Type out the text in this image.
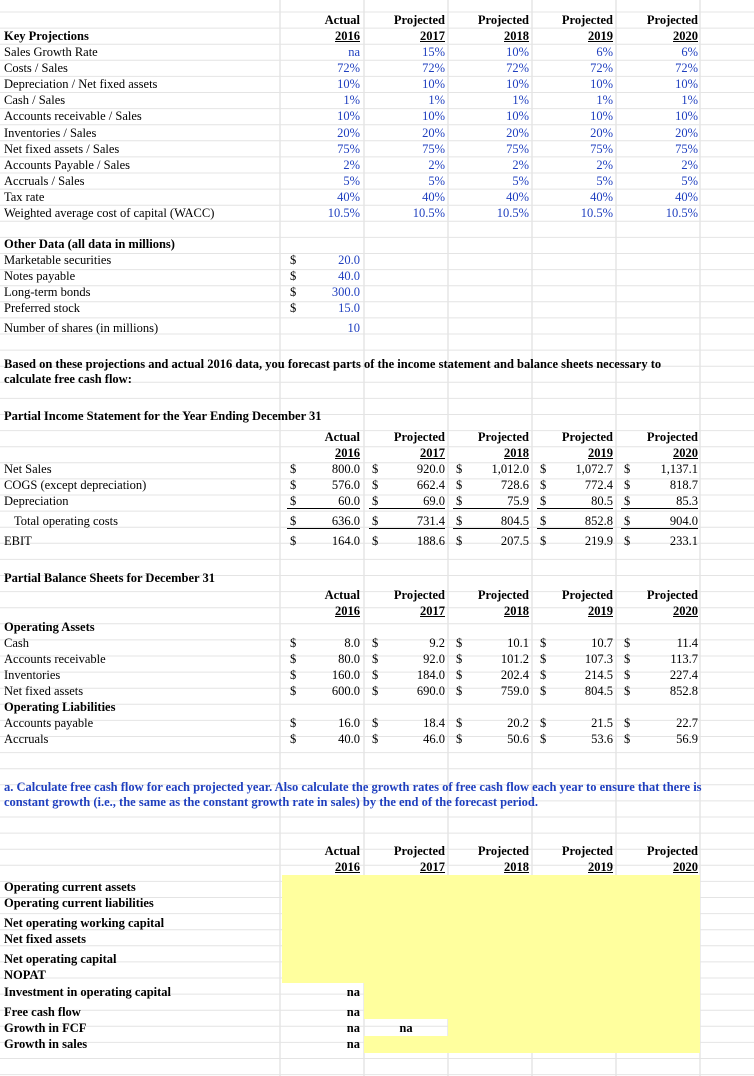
Actual	Projected	Projected	Projected	Projected
2016	2017	2018	2019	2020
Key Projections
Sales Growth Rate	na	15%	10%	6%	6%
Costs / Sales	72%	72%	72%	72%	72%
Depreciation / Net fixed assets	10%	10%	10%	10%	10%
Cash / Sales	1%	1%	1%	1%	1%
Accounts receivable / Sales	10%	10%	10%	10%	10%
Inventories / Sales	20%	20%	20%	20%	20%
Net fixed assets / Sales	75%	75%	75%	75%	75%
Accounts Payable / Sales	2%	2%	2%	2%	2%
Accruals / Sales	5%	5%	5%	5%	5%
Tax rate	40%	40%	40%	40%	40%
Weighted average cost of capital (WACC)	10.5%	10.5%	10.5%	10.5%	10.5%
Other Data (all data in millions)
Marketable securities	$	20.0
Notes payable	$	40.0
Long-term bonds	$	300.0
Preferred stock	$	15.0
Number of shares (in millions)	10
Partial Income Statement for the Year Ending December 31
Actual	Projected	Projected	Projected	Projected
2016	2017	2018	2019	2020
Net Sales	$	800.0 $	920.0 $	1,012.0 $	1,072.7 $	1,137.1
COGS (except depreciation)	$	576.0 $	662.4 $	728.6 $	772.4 $	818.7
Depreciation	$	60.0 $	69.0 $	75.9 $	80.5 $	85.3
Total operating costs	$	636.0 $	731.4 $	804.5 $	852.8 $	904.0
EBIT	$	164.0 $	188.6 $	207.5 $	219.9 $	233.1
Partial Balance Sheets for December 31
Actual	Projected	Projected	Projected	Projected
2016	2017	2018	2019	2020
Operating Assets
Cash	$	8.0 $	9.2 $	10.1 $	10.7 $	11.4
Accounts receivable	$	80.0 $	92.0 $	101.2 $	107.3 $	113.7
Inventories	$	160.0 $	184.0 $	202.4 $	214.5 $	227.4
Net fixed assets	$	600.0 $	690.0 $	759.0 $	804.5 $	852.8
Operating Liabilities
Accounts payable	$	16.0 $	18.4 $	20.2 $	21.5 $	22.7
Accruals	$	40.0 $	46.0 $	50.6 $	53.6 $	56.9
Actual	Projected	Projected	Projected	Projected
2016	2017	2018	2019	2020
Operating current assets
Operating current liabilities
Net operating working capital
Net fixed assets
Net operating capital
NOPAT
Investment in operating capital	na
Free cash flow	na
Growth in FCF	na	na
Growth in sales	na
Based on these projections and actual 2016 data, you forecast parts of the income statement and balance sheets necessary to calculate free cash flow:
a. Calculate free cash flow for each projected year. Also calculate the growth rates of free cash flow each year to ensure that there is constant growth (i.e., the same as the constant growth rate in sales) by the end of the forecast period.
